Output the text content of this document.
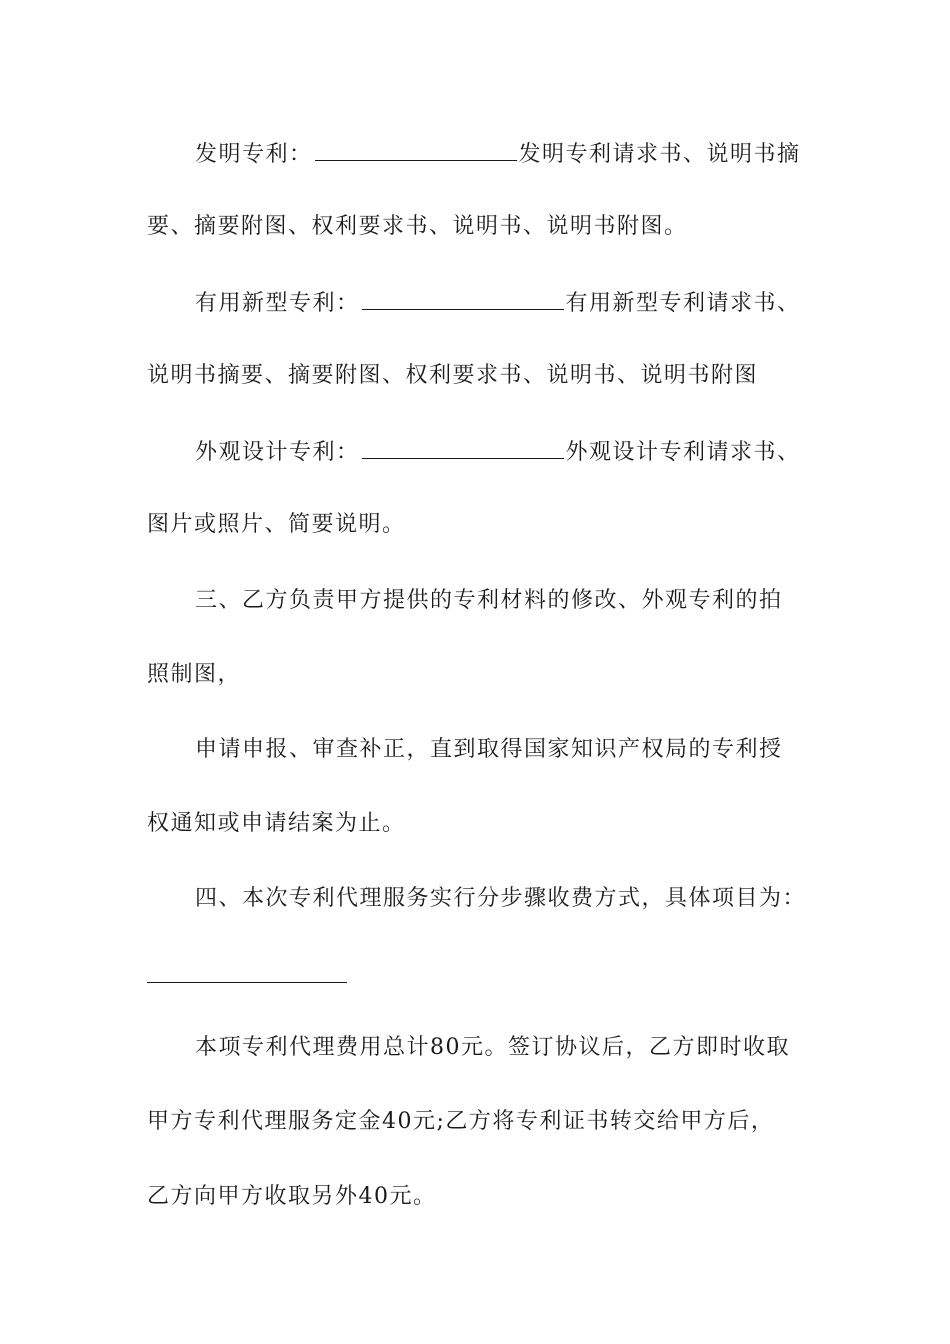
发明专利：	发明专利请求书、说明书摘
要、摘要附图、权利要求书、说明书、说明书附图。
有用新型专利：	有用新型专利请求书、
说明书摘要、摘要附图、权利要求书、说明书、说明书附图
外观设计专利：	外观设计专利请求书、
图片或照片、简要说明。
三、乙方负责甲方提供的专利材料的修改、外观专利的拍
照制图，
申请申报、审查补正，直到取得国家知识产权局的专利授
权通知或申请结案为止。
四、本次专利代理服务实行分步骤收费方式，具体项目为：
本项专利代理费用总计80元。签订协议后，乙方即时收取
甲方专利代理服务定金40元;乙方将专利证书转交给甲方后，
乙方向甲方收取另外40元。
